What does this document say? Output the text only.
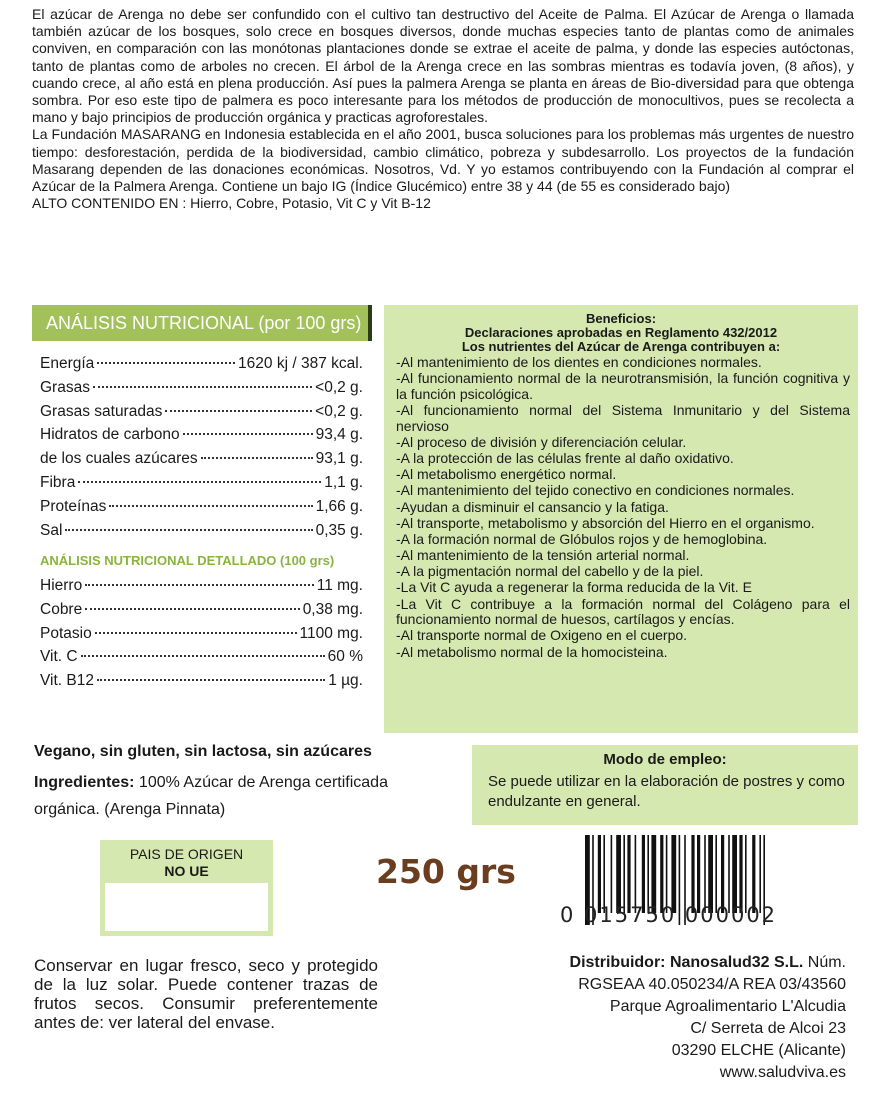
El azúcar de Arenga no debe ser confundido con el cultivo tan destructivo del Aceite de Palma. El Azúcar de Arenga o llamada también azúcar de los bosques, solo crece en bosques diversos, donde muchas especies tanto de plantas como de animales conviven, en comparación con las monótonas plantaciones donde se extrae el aceite de palma, y donde las especies autóctonas, tanto de plantas como de arboles no crecen. El árbol de la Arenga crece en las sombras mientras es todavía joven, (8 años), y cuando crece, al año está en plena producción. Así pues la palmera Arenga se planta en áreas de Bio-diversidad para que obtenga sombra. Por eso este tipo de palmera es poco interesante para los métodos de producción de monocultivos, pues se recolecta a mano y bajo principios de producción orgánica y practicas agroforestales.

La Fundación MASARANG en Indonesia establecida en el año 2001, busca soluciones para los problemas más urgentes de nuestro tiempo: desforestación, perdida de la biodiversidad, cambio climático, pobreza y subdesarrollo. Los proyectos de la fundación Masarang dependen de las donaciones económicas. Nosotros, Vd. Y yo estamos contribuyendo con la Fundación al comprar el Azúcar de la Palmera Arenga. Contiene un bajo IG (Índice Glucémico) entre 38 y 44 (de 55 es considerado bajo)

ALTO CONTENIDO EN : Hierro, Cobre, Potasio, Vit C y Vit B-12

ANÁLISIS NUTRICIONAL (por 100 grs)
Energía	1620 kj / 387 kcal.
Grasas	<0,2 g.
Grasas saturadas	<0,2 g.
Hidratos de carbono	93,4 g.
de los cuales azúcares	93,1 g.
Fibra	1,1 g.
Proteínas	1,66 g.
Sal	0,35 g.
ANÁLISIS NUTRICIONAL DETALLADO (100 grs)
Hierro	11 mg.
Cobre	0,38 mg.
Potasio	1100 mg.
Vit. C	60 %
Vit. B12	1 µg.
Beneficios:
Declaraciones aprobadas en Reglamento 432/2012
Los nutrientes del Azúcar de Arenga contribuyen a:
-Al mantenimiento de los dientes en condiciones normales.
-Al funcionamiento normal de la neurotransmisión, la función cognitiva y la función psicológica.
-Al funcionamiento normal del Sistema Inmunitario y del Sistema nervioso
-Al proceso de división y diferenciación celular.
-A la protección de las células frente al daño oxidativo.
-Al metabolismo energético normal.
-Al mantenimiento del tejido conectivo en condiciones normales.
-Ayudan a disminuir el cansancio y la fatiga.
-Al transporte, metabolismo y absorción del Hierro en el organismo.
-A la formación normal de Glóbulos rojos y de hemoglobina.
-Al mantenimiento de la tensión arterial normal.
-A la pigmentación normal del cabello y de la piel.
-La Vit C ayuda a regenerar la forma reducida de la Vit. E
-La Vit C contribuye a la formación normal del Colágeno para el funcionamiento normal de huesos, cartílagos y encías.
-Al transporte normal de Oxigeno en el cuerpo.
-Al metabolismo normal de la homocisteina.
Vegano, sin gluten, sin lactosa, sin azúcares
Ingredientes: 100% Azúcar de Arenga certificada orgánica. (Arenga Pinnata)
Modo de empleo:
Se puede utilizar en la elaboración de postres y como endulzante en general.
PAIS DE ORIGEN
NO UE	250 grs
0 015750 000002
Conservar en lugar fresco, seco y protegido de la luz solar. Puede contener trazas de frutos secos. Consumir preferentemente antes de: ver lateral del envase.
Distribuidor: Nanosalud32 S.L. Núm.
RGSEAA 40.050234/A REA 03/43560
Parque Agroalimentario L'Alcudia
C/ Serreta de Alcoi 23
03290 ELCHE (Alicante)
www.saludviva.es
